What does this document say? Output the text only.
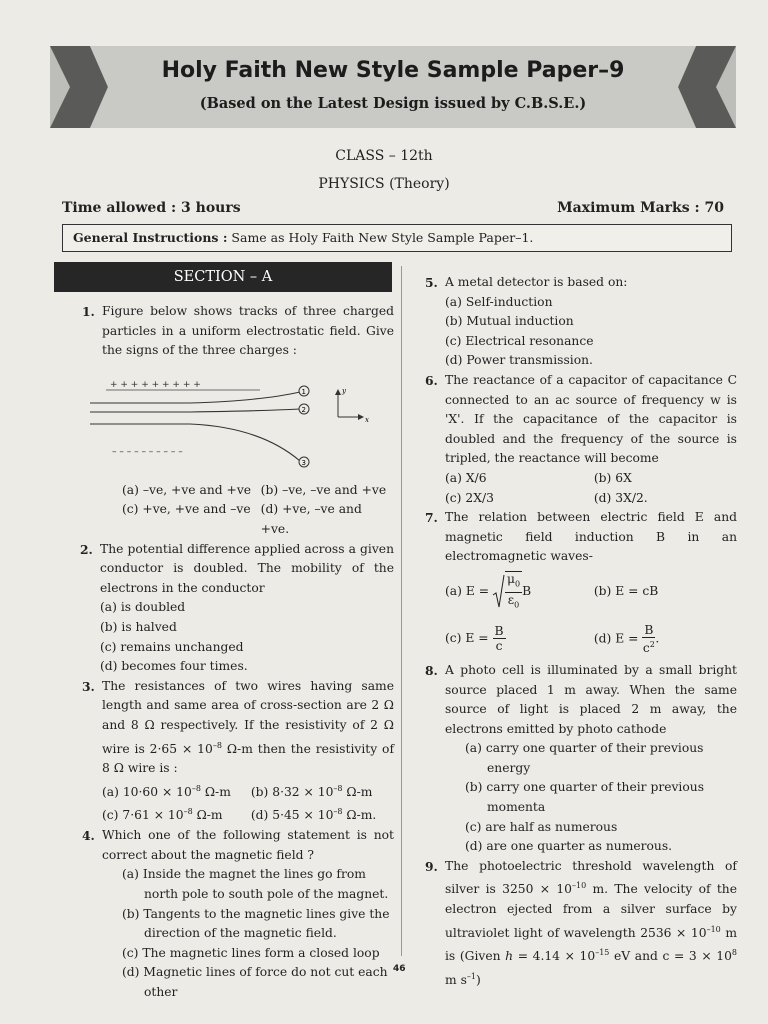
Holy Faith New Style Sample Paper–9
(Based on the Latest Design issued by C.B.S.E.)
CLASS – 12th
PHYSICS (Theory)
Time allowed : 3 hours	Maximum Marks : 70
General Instructions : Same as Holy Faith New Style Sample Paper–1.
SECTION – A
1. Figure below shows tracks of three charged particles in a uniform electrostatic field. Give the signs of the three charges :
+ + + + + + + + +
– – – – – – – – – –
1
2
3
y
x
(a) –ve, +ve and +ve (b) –ve, –ve and +ve
(c) +ve, +ve and –ve (d) +ve, –ve and +ve.
2. The potential difference applied across a given conductor is doubled. The mobility of the electrons in the conductor
(a) is doubled
(b) is halved
(c) remains unchanged
(d) becomes four times.
3. The resistances of two wires having same length and same area of cross-section are 2 Ω and 8 Ω respectively. If the resistivity of 2 Ω wire is $2\cdot 65 \times 10^{-8}$ Ω-m then the resistivity of 8 Ω wire is :
(a) $10\cdot 60 \times 10^{-8}$ Ω-m	(b) $8\cdot 32 \times 10^{-8}$ Ω-m
(c) $7\cdot 61 \times 10^{-8}$ Ω-m	(d) $5\cdot 45 \times 10^{-8}$ Ω-m.
4. Which one of the following statement is not correct about the magnetic field ?
(a) Inside the magnet the lines go from north pole to south pole of the magnet.
(b) Tangents to the magnetic lines give the direction of the magnetic field.
(c) The magnetic lines form a closed loop
(d) Magnetic lines of force do not cut each other
5. A metal detector is based on:
(a) Self-induction
(b) Mutual induction
(c) Electrical resonance
(d) Power transmission.
6. The reactance of a capacitor of capacitance C connected to an ac source of frequency w is 'X'. If the capacitance of the capacitor is doubled and the frequency of the source is tripled, the reactance will become
(a) X/6	(b) 6X
(c) 2X/3	(d) 3X/2.
7. The relation between electric field E and magnetic field induction B in an electromagnetic waves-
(a) $E = \frac{\mu_0}{\varepsilon_0}$ B	(b) E = cB
(c) $E = \frac{B}{c}$	(d) $E = \frac{B}{c^2}$ .
8. A photo cell is illuminated by a small bright source placed 1 m away. When the same source of light is placed 2 m away, the electrons emitted by photo cathode
(a) carry one quarter of their previous energy
(b) carry one quarter of their previous momenta
(c) are half as numerous
(d) are one quarter as numerous.
9. The photoelectric threshold wavelength of silver is $3250 \times 10^{-10}$ m. The velocity of the electron ejected from a silver surface by ultraviolet light of wavelength $2536 \times 10^{-10}$ m is (Given $h = 4.14 \times 10^{-15}$ eV and $c = 3 \times 10^8$ m $s^{-1}$)
46
